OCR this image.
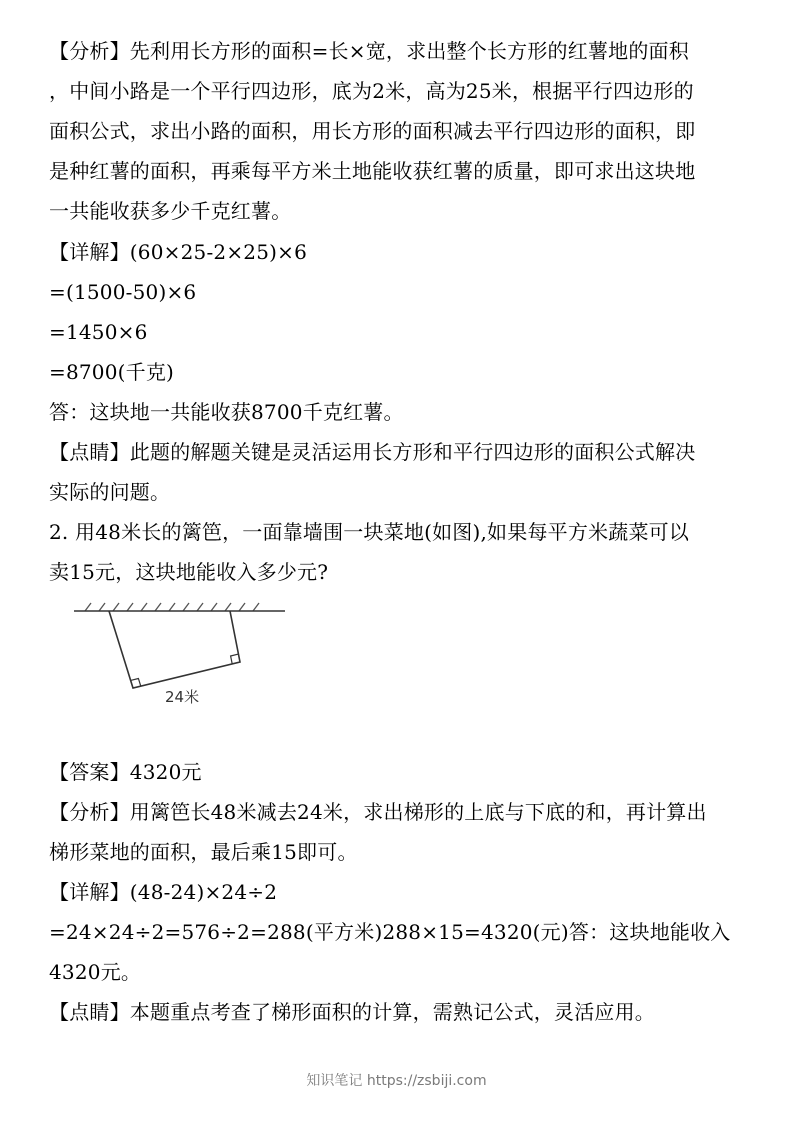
【分析】先利用长方形的面积=长×宽，求出整个长方形的红薯地的面积
，中间小路是一个平行四边形，底为2米，高为25米，根据平行四边形的
面积公式，求出小路的面积，用长方形的面积减去平行四边形的面积，即
是种红薯的面积，再乘每平方米土地能收获红薯的质量，即可求出这块地
一共能收获多少千克红薯。
【详解】(60×25-2×25)×6
=(1500-50)×6
=1450×6
=8700(千克)
答：这块地一共能收获8700千克红薯。
【点睛】此题的解题关键是灵活运用长方形和平行四边形的面积公式解决
实际的问题。
2. 用48米长的篱笆，一面靠墙围一块菜地(如图),如果每平方米蔬菜可以
卖15元，这块地能收入多少元?
24米
【答案】4320元
【分析】用篱笆长48米减去24米，求出梯形的上底与下底的和，再计算出
梯形菜地的面积，最后乘15即可。
【详解】(48-24)×24÷2
=24×24÷2=576÷2=288(平方米)288×15=4320(元)答：这块地能收入
4320元。
【点睛】本题重点考查了梯形面积的计算，需熟记公式，灵活应用。
知识笔记 https://zsbiji.com
